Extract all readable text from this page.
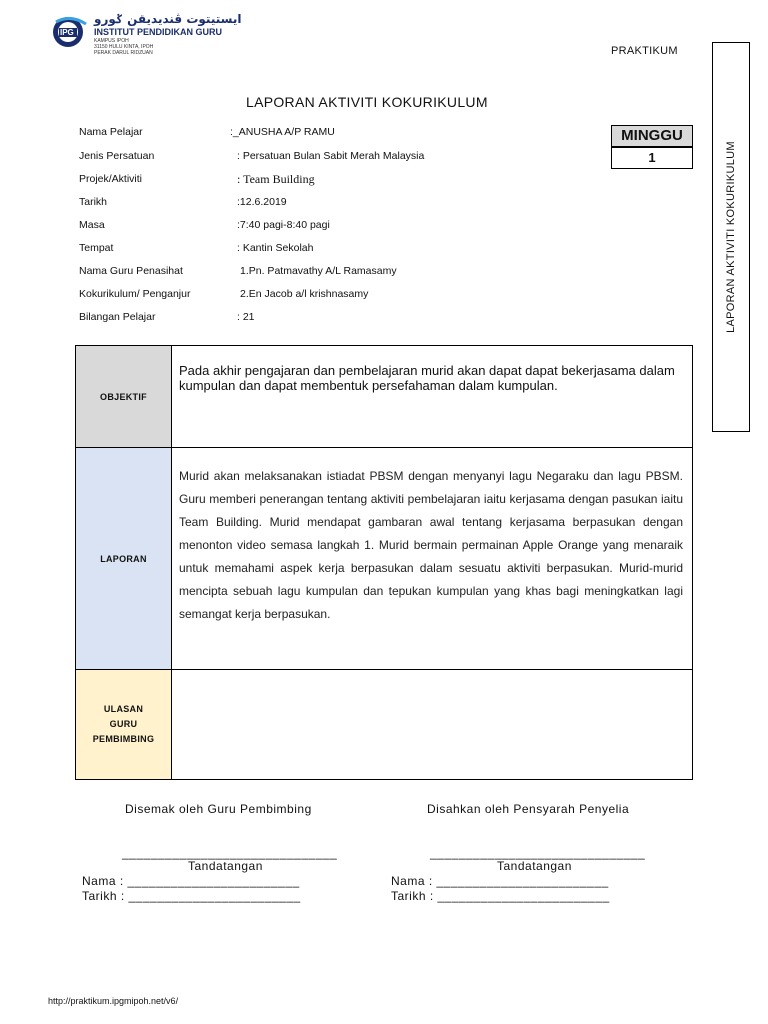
IPG
ايستيتوت ڤنديديقن ݢورو
INSTITUT PENDIDIKAN GURU
KAMPUS IPOH
31150 HULU KINTA, IPOH
PERAK DARUL RIDZUAN	PRAKTIKUM
LAPORAN AKTIVITI KOKURIKULUM
LAPORAN AKTIVITI KOKURIKULUM
MINGGU
1
Nama Pelajar	:_ANUSHA A/P RAMU
Jenis Persatuan	: Persatuan Bulan Sabit Merah Malaysia
Projek/Aktiviti	: Team Building
Tarikh	:12.6.2019
Masa	:7:40 pagi-8:40 pagi
Tempat	: Kantin Sekolah
Nama Guru Penasihat	1.Pn. Patmavathy A/L Ramasamy
Kokurikulum/ Penganjur	2.En Jacob a/l krishnasamy
Bilangan Pelajar	: 21
OBJEKTIF	Pada akhir pengajaran dan pembelajaran murid akan dapat dapat bekerjasama dalam kumpulan dan dapat membentuk persefahaman dalam kumpulan.

LAPORAN	Murid akan melaksanakan istiadat PBSM dengan menyanyi lagu Negaraku dan lagu PBSM. Guru memberi penerangan tentang aktiviti pembelajaran iaitu kerjasama dengan pasukan iaitu Team Building. Murid mendapat gambaran awal tentang kerjasama berpasukan dengan menonton video semasa langkah 1. Murid bermain permainan Apple Orange yang menaraik untuk memahami aspek kerja berpasukan dalam sesuatu aktiviti berpasukan. Murid-murid mencipta sebuah lagu kumpulan dan tepukan kumpulan yang khas bagi meningkatkan lagi semangat kerja berpasukan.

ULASAN
GURU
PEMBIMBING	
Disemak oleh Guru Pembimbing	Disahkan oleh Pensyarah Penyelia
______________________________	______________________________
Tandatangan	Tandatangan
Nama : ________________________	Nama : ________________________
Tarikh : ________________________	Tarikh : ________________________
http://praktikum.ipgmipoh.net/v6/
